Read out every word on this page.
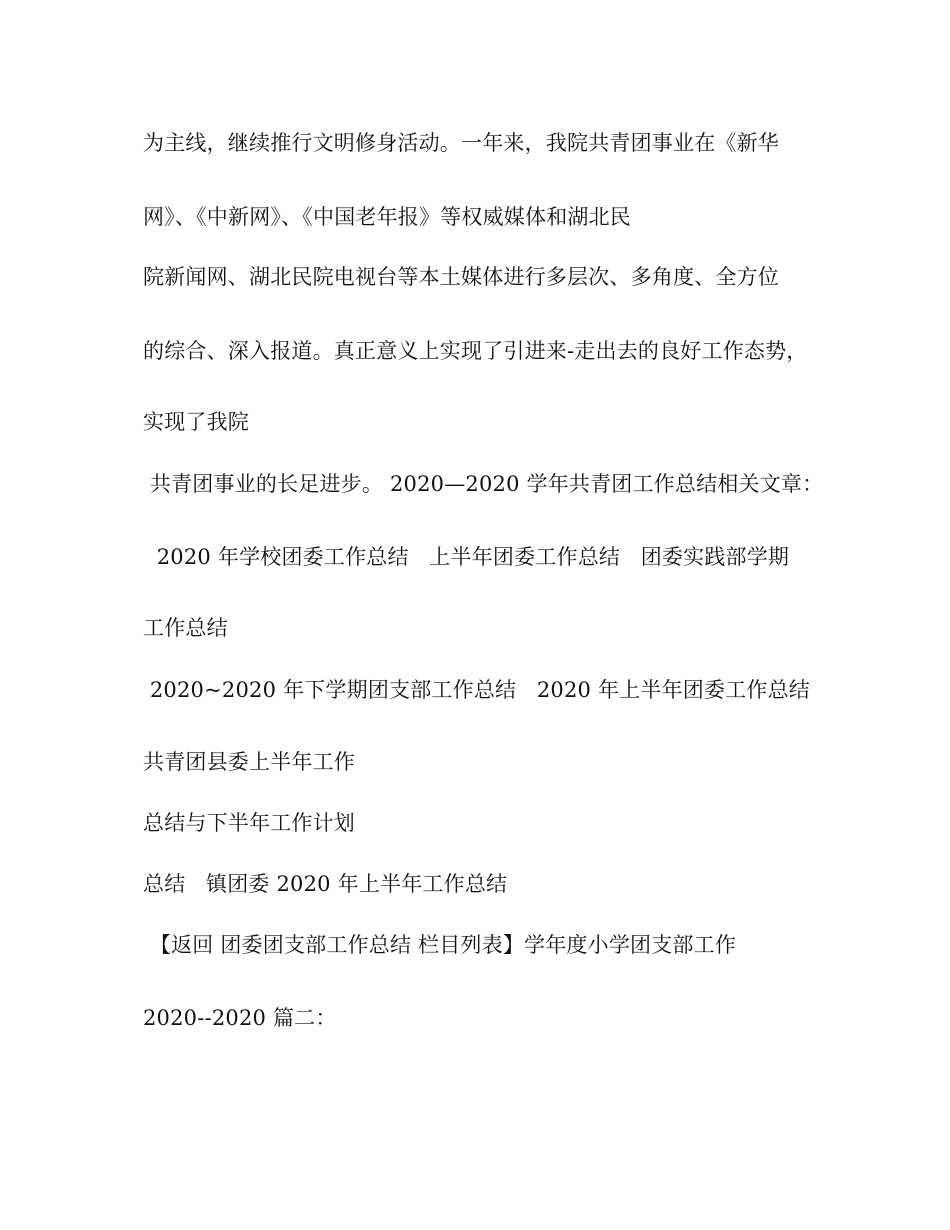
为主线，继续推行文明修身活动。一年来，我院共青团事业在《新华
网》、《中新网》、《中国老年报》等权威媒体和湖北民
院新闻网、湖北民院电视台等本土媒体进行多层次、多角度、全方位
的综合、深入报道。真正意义上实现了引进来-走出去的良好工作态势，
实现了我院
共青团事业的长足进步。 2020—2020 学年共青团工作总结相关文章：
2020 年学校团委工作总结   上半年团委工作总结   团委实践部学期
工作总结
2020~2020 年下学期团支部工作总结   2020 年上半年团委工作总结
共青团县委上半年工作
总结与下半年工作计划
总结   镇团委 2020 年上半年工作总结
【返回 团委团支部工作总结 栏目列表】学年度小学团支部工作
2020--2020 篇二：
